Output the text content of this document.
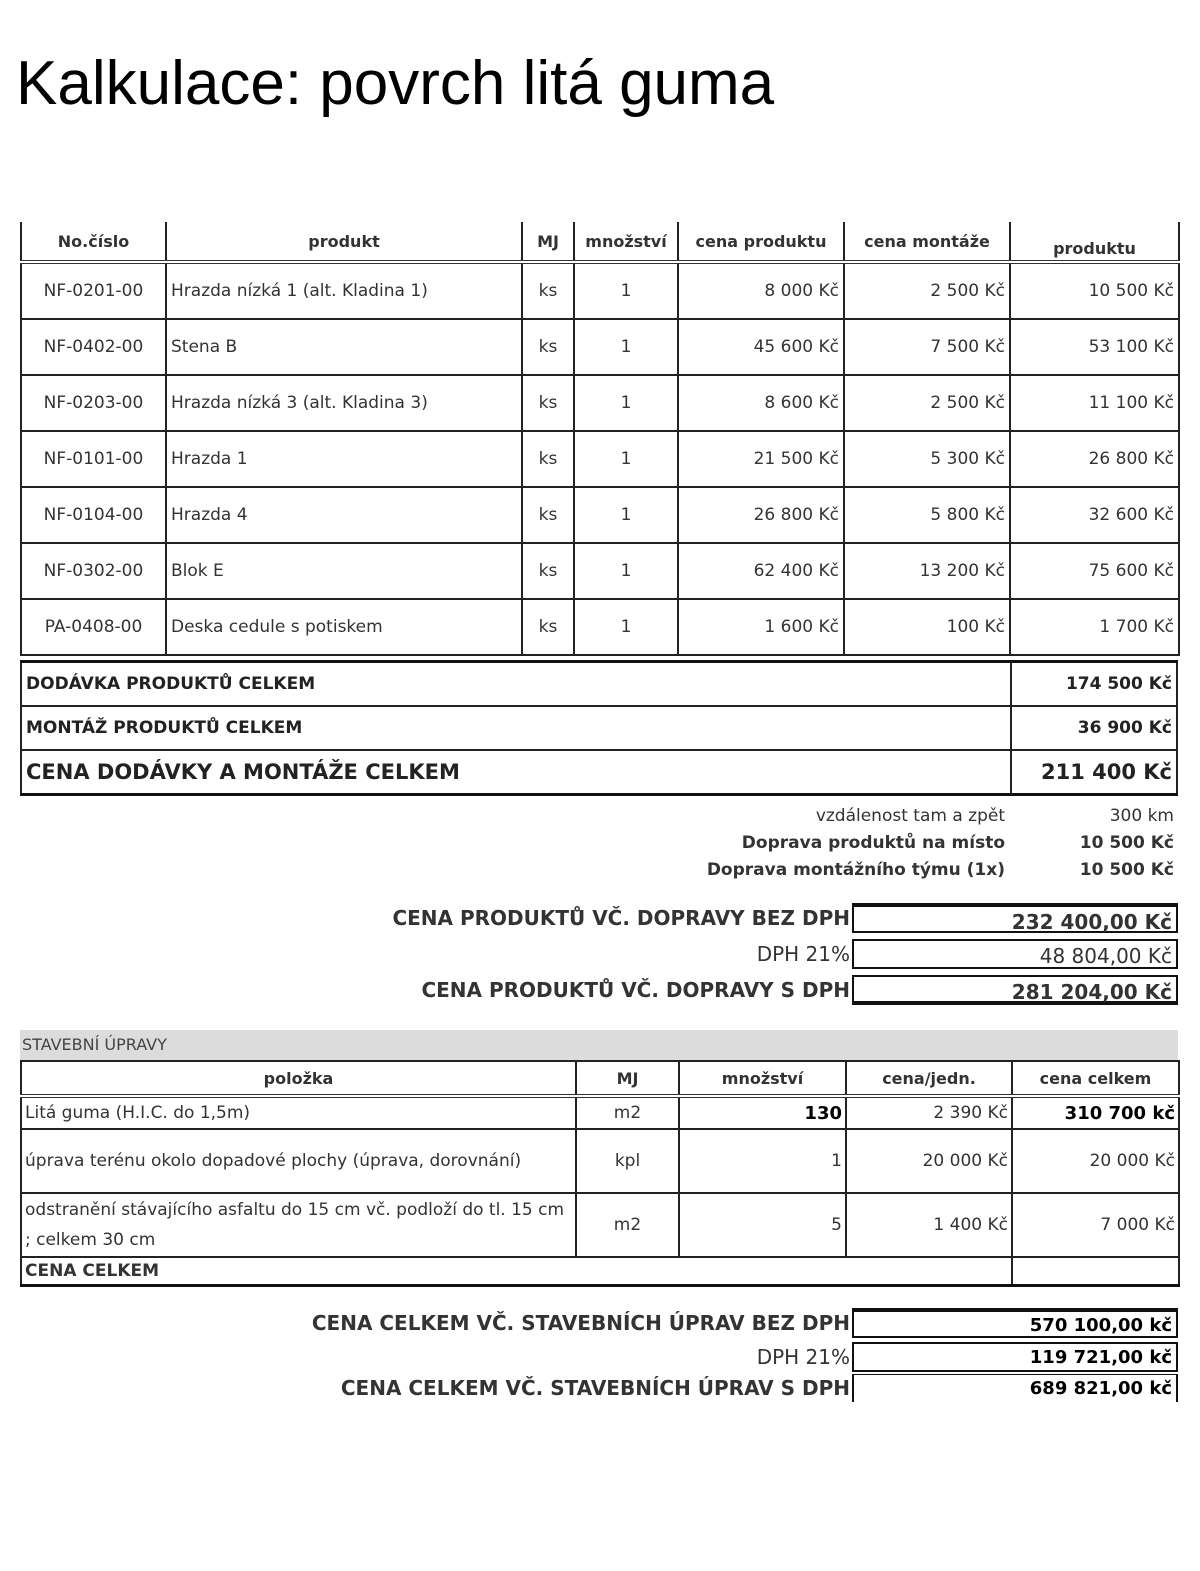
Kalkulace: povrch litá guma
No.číslo	produkt	MJ	množství	cena produktu	cena montáže	produktu
NF-0201-00	Hrazda nízká 1 (alt. Kladina 1)	ks	1	8 000 Kč	2 500 Kč	10 500 Kč
NF-0402-00	Stena B	ks	1	45 600 Kč	7 500 Kč	53 100 Kč
NF-0203-00	Hrazda nízká 3 (alt. Kladina 3)	ks	1	8 600 Kč	2 500 Kč	11 100 Kč
NF-0101-00	Hrazda 1	ks	1	21 500 Kč	5 300 Kč	26 800 Kč
NF-0104-00	Hrazda 4	ks	1	26 800 Kč	5 800 Kč	32 600 Kč
NF-0302-00	Blok E	ks	1	62 400 Kč	13 200 Kč	75 600 Kč
PA-0408-00	Deska cedule s potiskem	ks	1	1 600 Kč	100 Kč	1 700 Kč
DODÁVKA PRODUKTŮ CELKEM	174 500 Kč
MONTÁŽ PRODUKTŮ CELKEM	36 900 Kč
CENA DODÁVKY A MONTÁŽE CELKEM	211 400 Kč
vzdálenost tam a zpět	300 km
Doprava produktů na místo	10 500 Kč
Doprava montážního týmu (1x)	10 500 Kč
CENA PRODUKTŮ VČ. DOPRAVY BEZ DPH	232 400,00 Kč
DPH 21%	48 804,00 Kč
CENA PRODUKTŮ VČ. DOPRAVY S DPH	281 204,00 Kč
STAVEBNÍ ÚPRAVY
položka	MJ	množství	cena/jedn.	cena celkem
Litá guma (H.I.C. do 1,5m)	m2	130	2 390 Kč	310 700 kč
úprava terénu okolo dopadové plochy (úprava, dorovnání)	kpl	1	20 000 Kč	20 000 Kč
odstranění stávajícího asfaltu do 15 cm vč. podloží do tl. 15 cm ; celkem 30 cm	m2	5	1 400 Kč	7 000 Kč
CENA CELKEM				
CENA CELKEM VČ. STAVEBNÍCH ÚPRAV BEZ DPH	570 100,00 kč
DPH 21%	119 721,00 kč
CENA CELKEM VČ. STAVEBNÍCH ÚPRAV S DPH	689 821,00 kč
